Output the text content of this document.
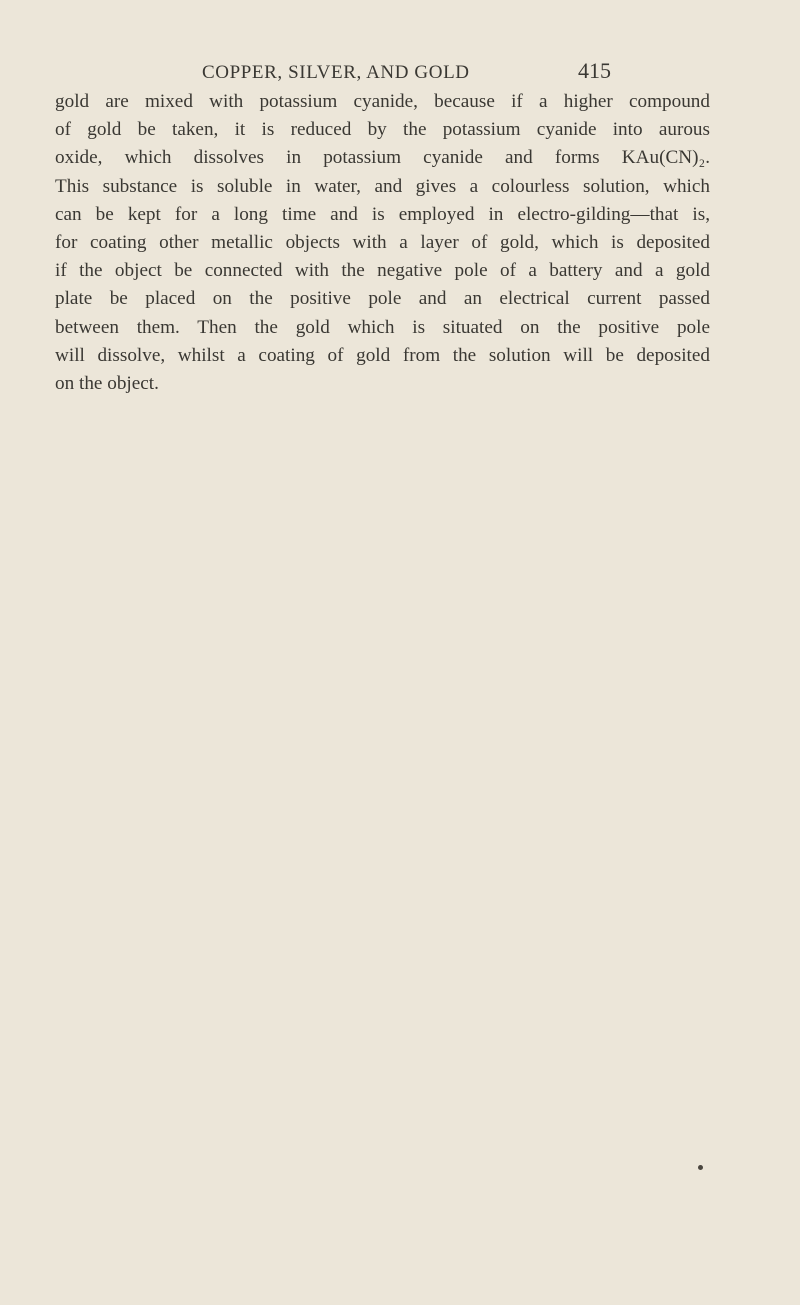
COPPER, SILVER, AND GOLD	415

gold are mixed with potassium cyanide, because if a higher compound
of gold be taken, it is reduced by the potassium cyanide into aurous
oxide, which dissolves in potassium cyanide and forms KAu(CN)₂.
This substance is soluble in water, and gives a colourless solution, which
can be kept for a long time and is employed in electro-gilding—that is,
for coating other metallic objects with a layer of gold, which is deposited
if the object be connected with the negative pole of a battery and a gold
plate be placed on the positive pole and an electrical current passed
between them. Then the gold which is situated on the positive pole
will dissolve, whilst a coating of gold from the solution will be deposited
on the object.
